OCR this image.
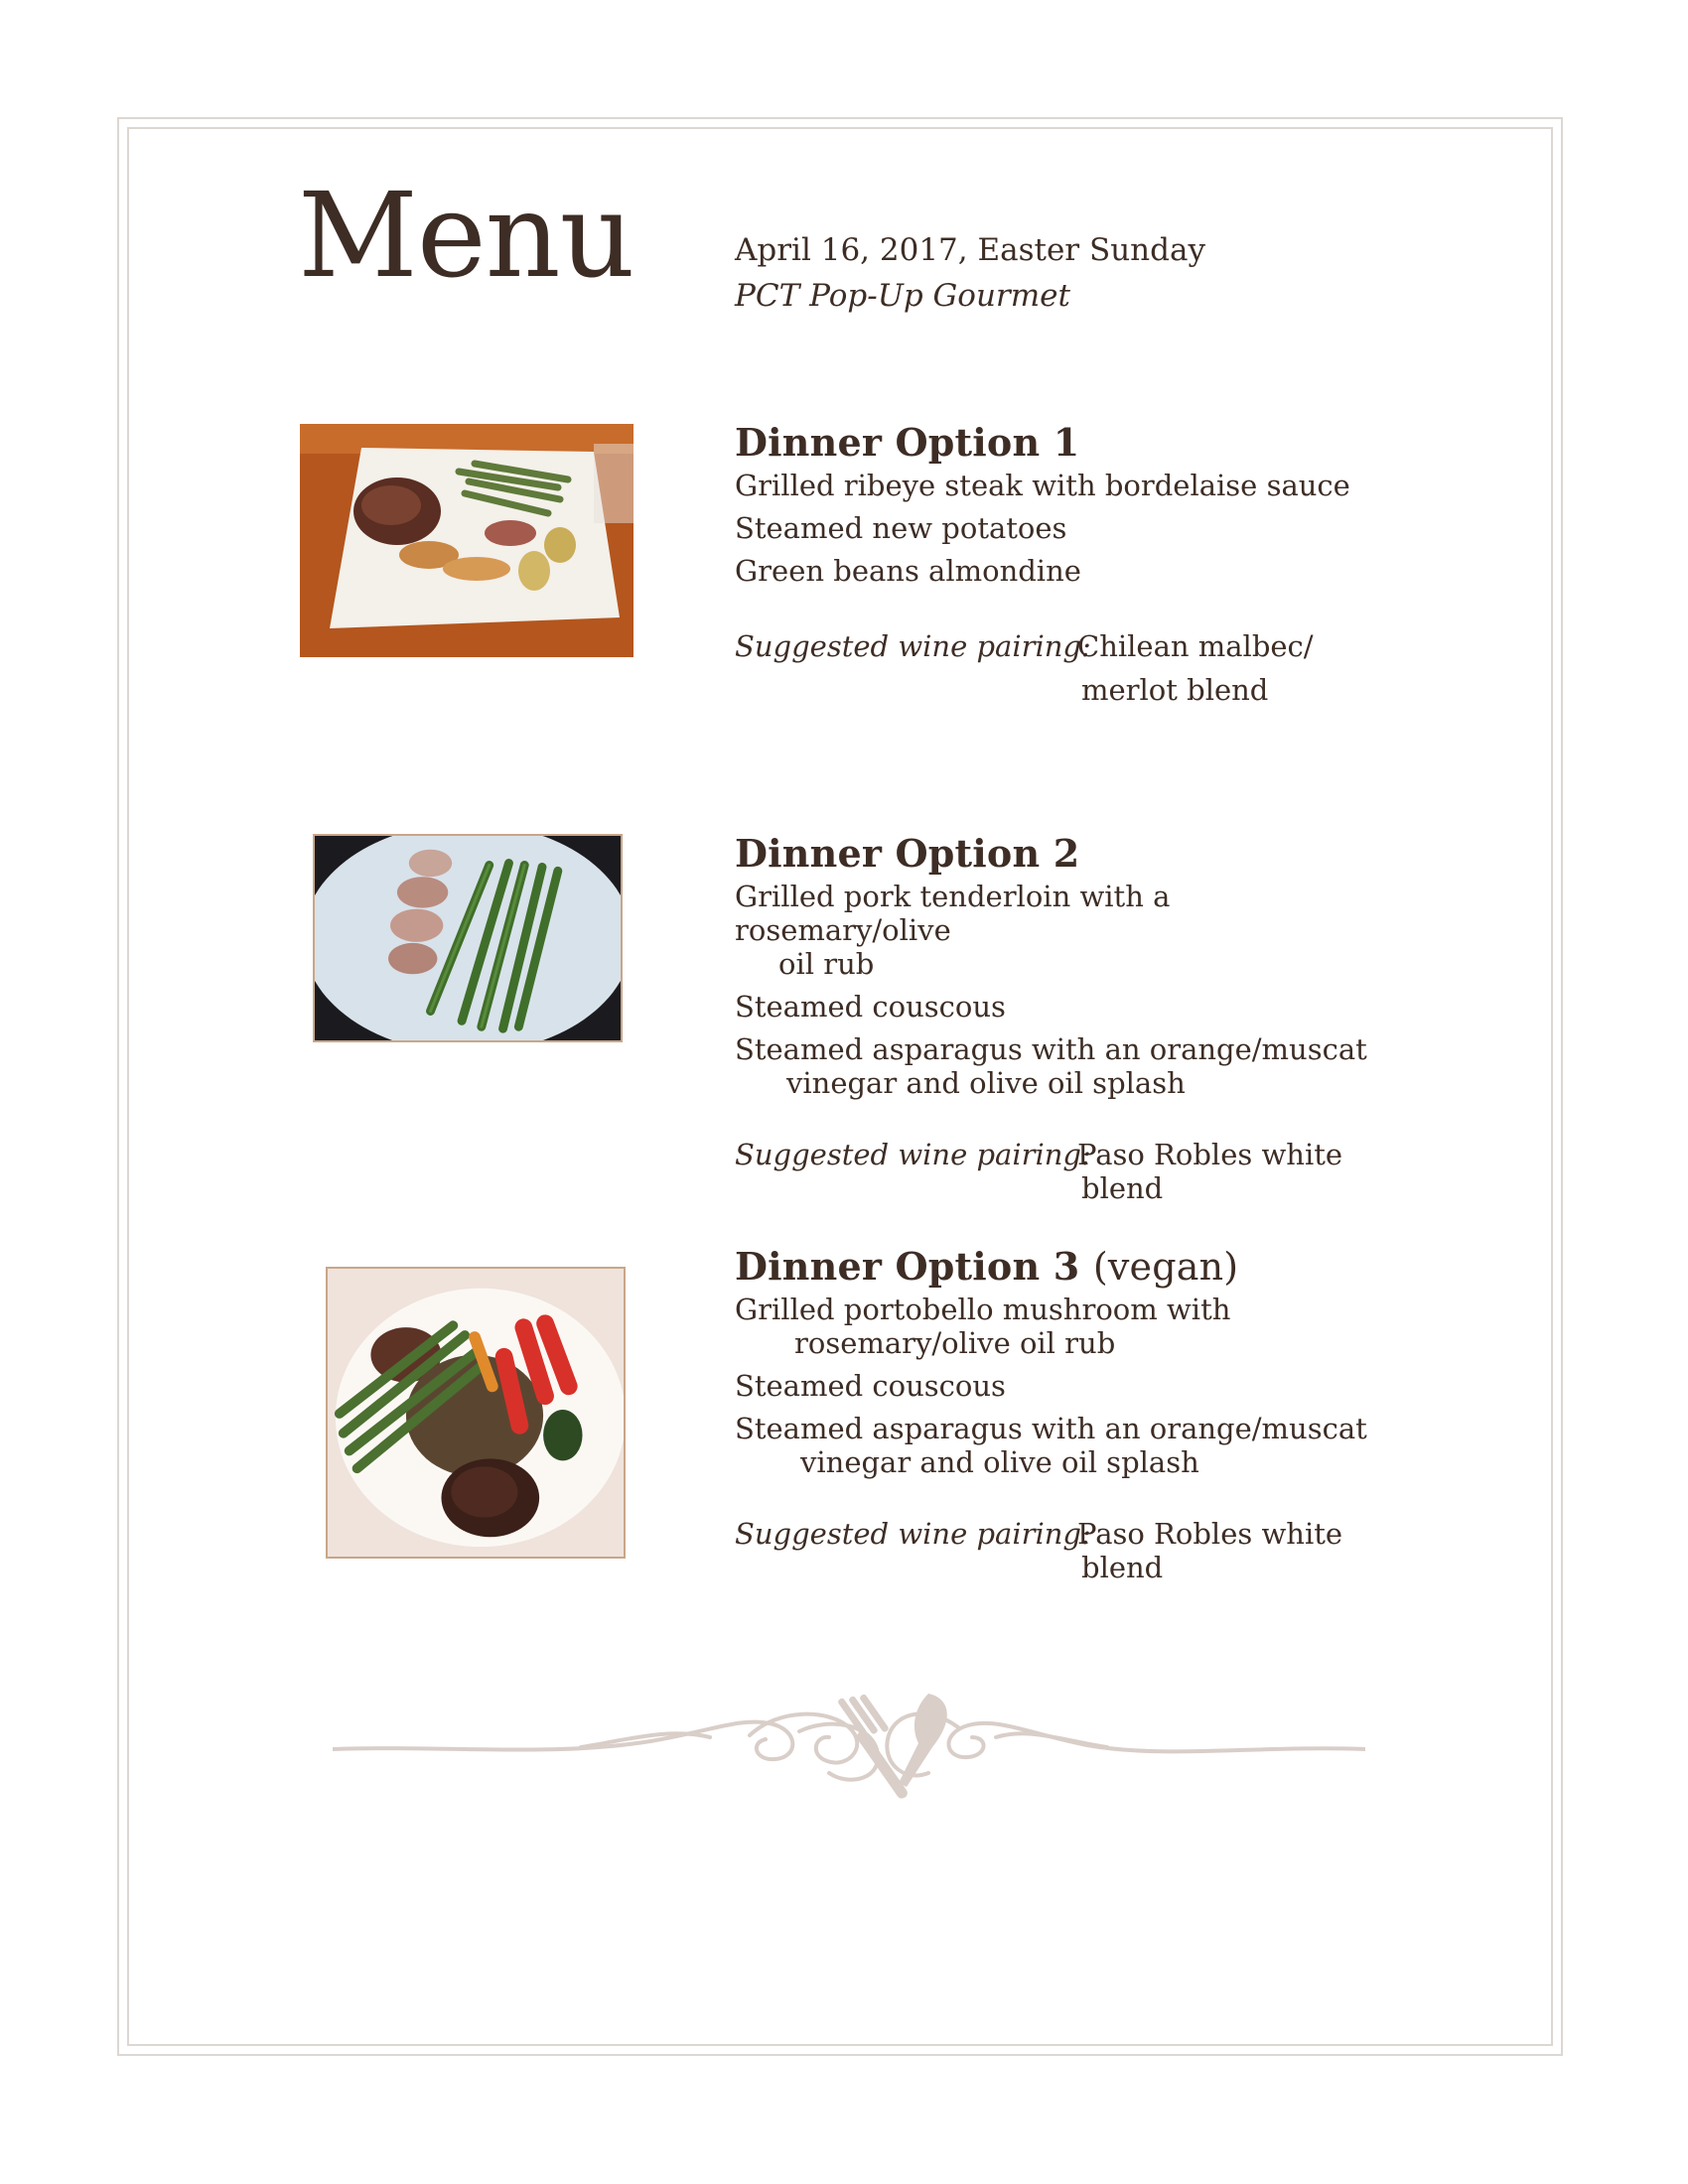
Menu	April 16, 2017, Easter Sunday
PCT Pop-Up Gourmet
Dinner Option 1
Grilled ribeye steak with bordelaise sauce
Steamed new potatoes
Green beans almondine
Suggested wine pairing:
Chilean malbec/
merlot blend
Dinner Option 2
Grilled pork tenderloin with a rosemary/olive
oil rub
Steamed couscous
Steamed asparagus with an orange/muscat
vinegar and olive oil splash
Suggested wine pairing:
Paso Robles white
blend
Dinner Option 3 (vegan)
Grilled portobello mushroom with
rosemary/olive oil rub
Steamed couscous
Steamed asparagus with an orange/muscat
vinegar and olive oil splash
Suggested wine pairing:
Paso Robles white
blend
